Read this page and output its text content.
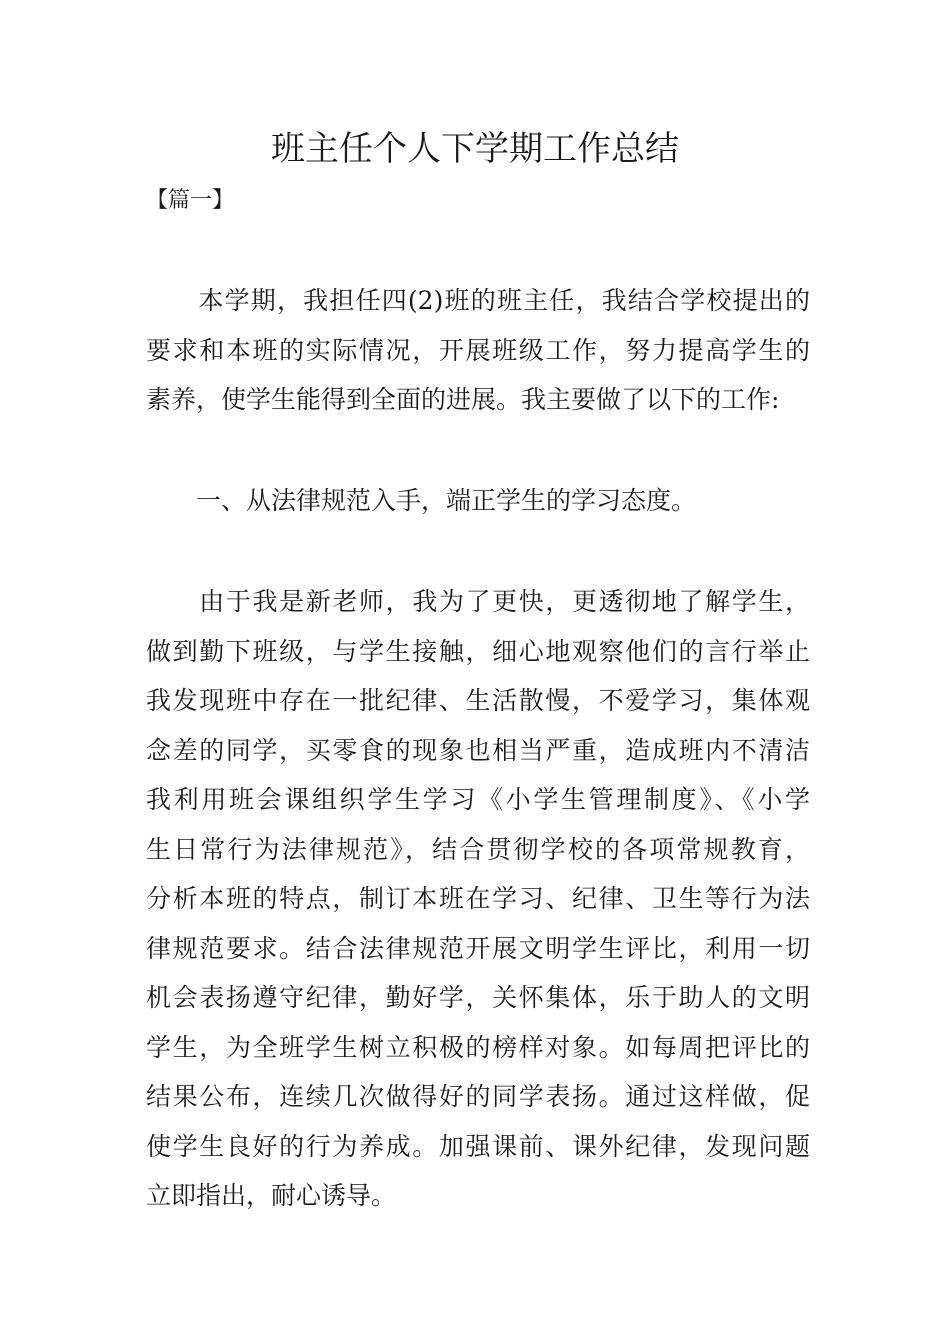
班主任个人下学期工作总结
【篇一】
　　本学期，我担任四(2)班的班主任，我结合学校提出的
要求和本班的实际情况，开展班级工作，努力提高学生的
素养，使学生能得到全面的进展。我主要做了以下的工作:
　　一、从法律规范入手，端正学生的学习态度。
　　由于我是新老师，我为了更快，更透彻地了解学生，
做到勤下班级，与学生接触，细心地观察他们的言行举止
我发现班中存在一批纪律、生活散慢，不爱学习，集体观
念差的同学，买零食的现象也相当严重，造成班内不清洁
我利用班会课组织学生学习《小学生管理制度》、《小学
生日常行为法律规范》，结合贯彻学校的各项常规教育，
分析本班的特点，制订本班在学习、纪律、卫生等行为法
律规范要求。结合法律规范开展文明学生评比，利用一切
机会表扬遵守纪律，勤好学，关怀集体，乐于助人的文明
学生，为全班学生树立积极的榜样对象。如每周把评比的
结果公布，连续几次做得好的同学表扬。通过这样做，促
使学生良好的行为养成。加强课前、课外纪律，发现问题
立即指出，耐心诱导。
